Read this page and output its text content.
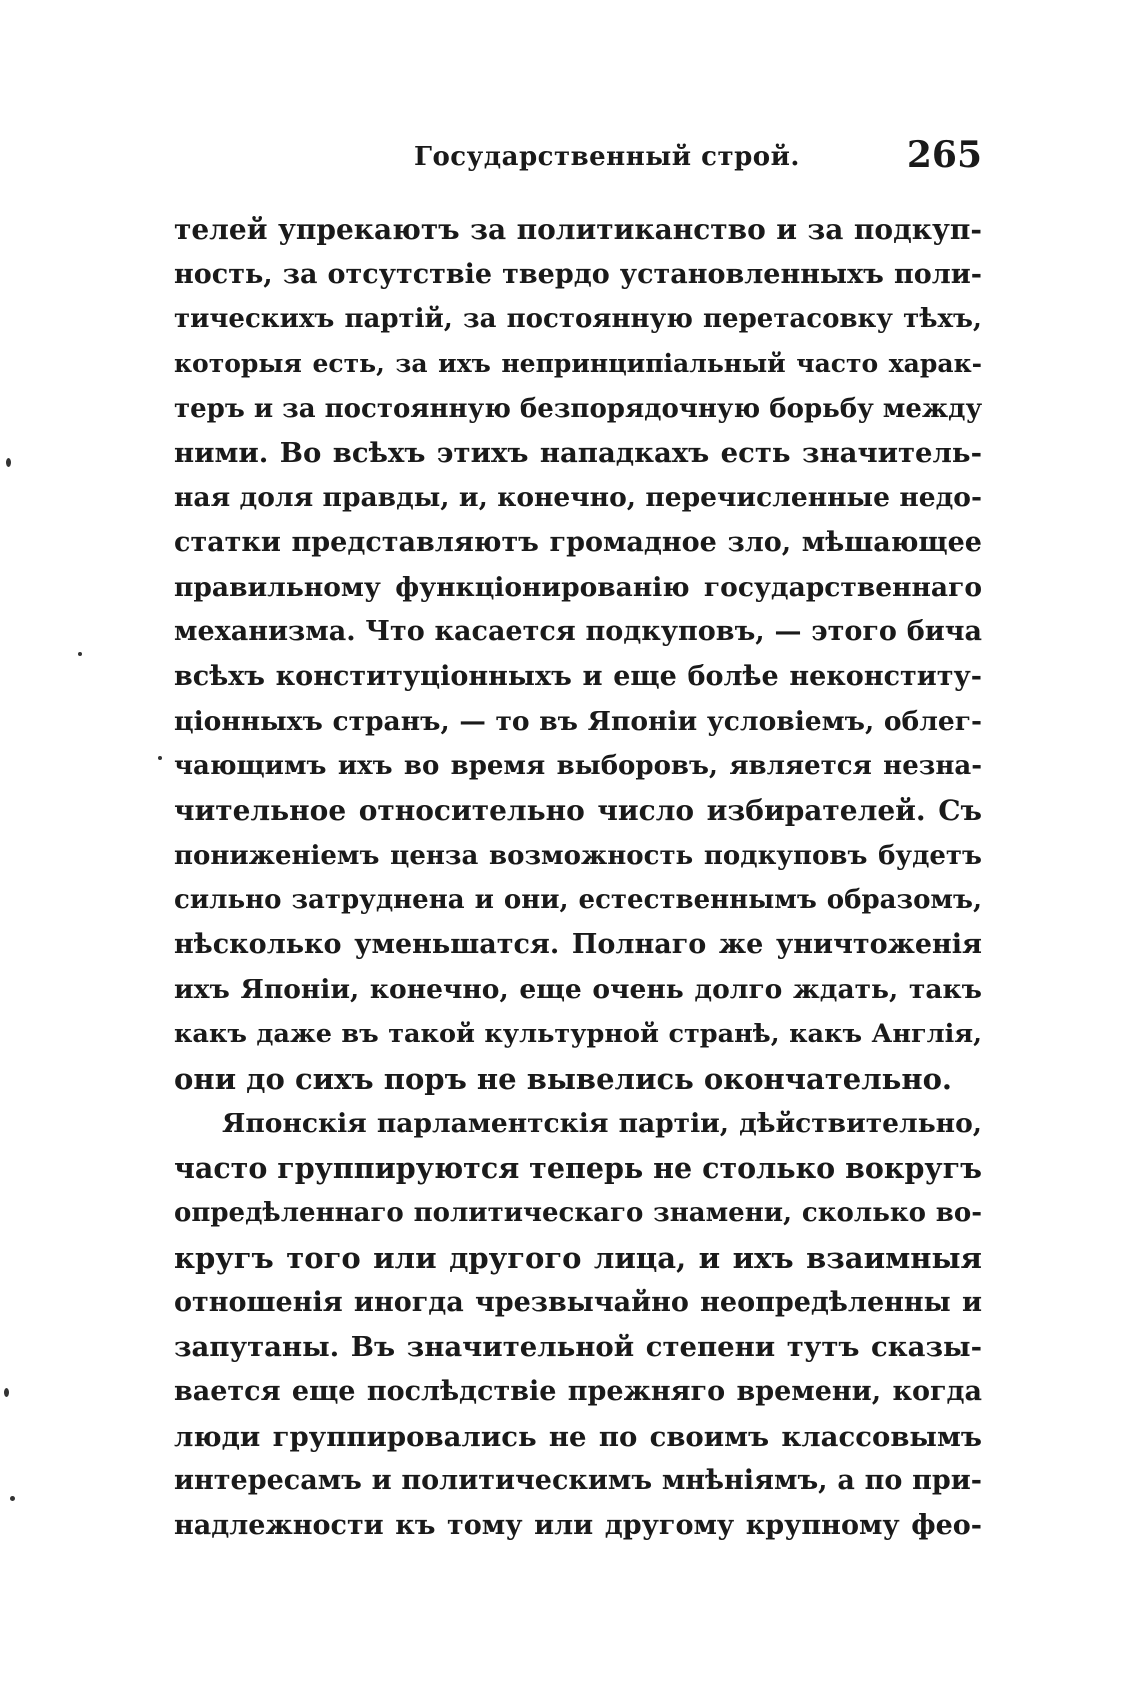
Государственный строй.	265
телей упрекаютъ за политиканство и за подкуп-
ность, за отсутствіе твердо установленныхъ поли-
тическихъ партій, за постоянную перетасовку тѣхъ,
которыя есть, за ихъ непринципіальный часто харак-
теръ и за постоянную безпорядочную борьбу между
ними. Во всѣхъ этихъ нападкахъ есть значитель-
ная доля правды, и, конечно, перечисленные недо-
статки представляютъ громадное зло, мѣшающее
правильному функціонированію государственнаго
механизма. Что касается подкуповъ, — этого бича
всѣхъ конституціонныхъ и еще болѣе неконститу-
ціонныхъ странъ, — то въ Японіи условіемъ, облег-
чающимъ ихъ во время выборовъ, является незна-
чительное относительно число избирателей. Съ
пониженіемъ ценза возможность подкуповъ будетъ
сильно затруднена и они, естественнымъ образомъ,
нѣсколько уменьшатся. Полнаго же уничтоженія
ихъ Японіи, конечно, еще очень долго ждать, такъ
какъ даже въ такой культурной странѣ, какъ Англія,
они до сихъ поръ не вывелись окончательно.
Японскія парламентскія партіи, дѣйствительно,
часто группируются теперь не столько вокругъ
опредѣленнаго политическаго знамени, сколько во-
кругъ того или другого лица, и ихъ взаимныя
отношенія иногда чрезвычайно неопредѣленны и
запутаны. Въ значительной степени тутъ сказы-
вается еще послѣдствіе прежняго времени, когда
люди группировались не по своимъ классовымъ
интересамъ и политическимъ мнѣніямъ, а по при-
надлежности къ тому или другому крупному фео-
